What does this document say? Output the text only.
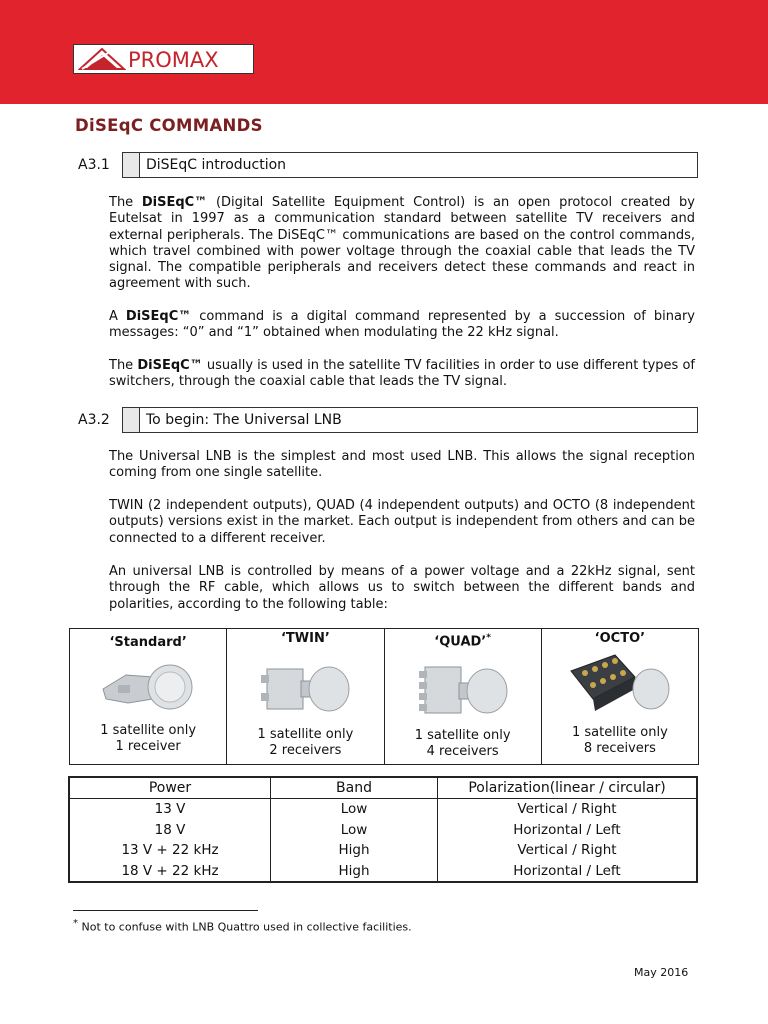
PROMAX
DiSEqC COMMANDS
A3.1	DiSEqC introduction
The DiSEqC™ (Digital Satellite Equipment Control) is an open protocol created by Eutelsat in 1997 as a communication standard between satellite TV receivers and external peripherals. The DiSEqC™ communications are based on the control commands, which travel combined with power voltage through the coaxial cable that leads the TV signal. The compatible peripherals and receivers detect these commands and react in agreement with such.
A DiSEqC™ command is a digital command represented by a succession of binary messages: “0” and “1” obtained when modulating the 22 kHz signal.
The DiSEqC™ usually is used in the satellite TV facilities in order to use different types of switchers, through the coaxial cable that leads the TV signal.
A3.2	To begin: The Universal LNB
The Universal LNB is the simplest and most used LNB. This allows the signal reception coming from one single satellite.
TWIN (2 independent outputs), QUAD (4 independent outputs) and OCTO (8 independent outputs) versions exist in the market. Each output is independent from others and can be connected to a different receiver.
An universal LNB is controlled by means of a power voltage and a 22kHz signal, sent through the RF cable, which allows us to switch between the different bands and polarities, according to the following table:
‘Standard’
1 satellite only
1 receiver
‘TWIN’
1 satellite only
2 receivers
‘QUAD’*
1 satellite only
4 receivers
‘OCTO’
1 satellite only
8 receivers
Power	Band	Polarization(linear / circular)
13 V	Low	Vertical / Right
18 V	Low	Horizontal / Left
13 V + 22 kHz	High	Vertical / Right
18 V + 22 kHz	High	Horizontal / Left
* Not to confuse with LNB Quattro used in collective facilities.
May 2016
